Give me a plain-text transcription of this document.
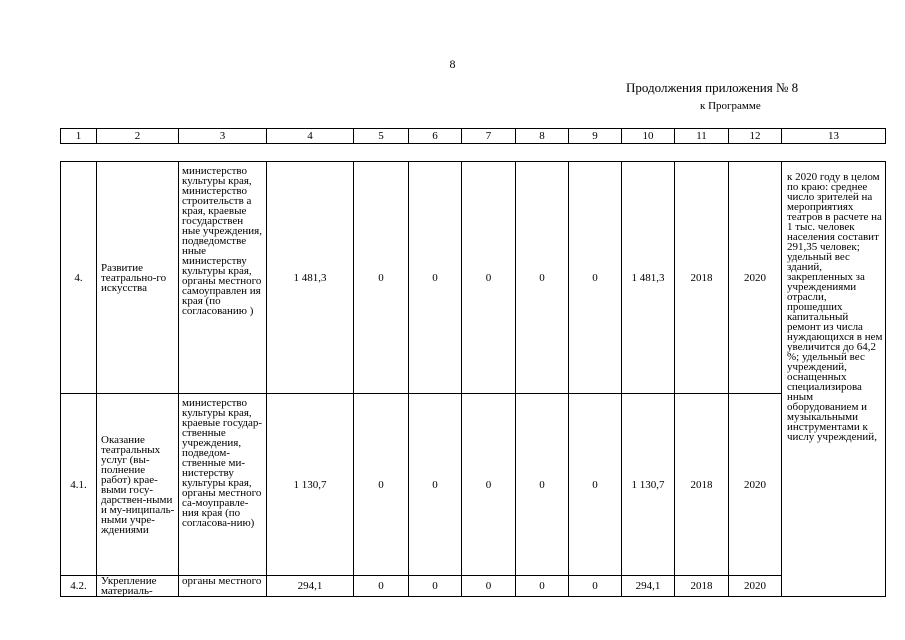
8
Продолжения приложения № 8
к Программе
1	2	3	4	5	6	7	8	9	10	11	12	13
4.	Развитие театрально-го искусства	министерство культуры края, министерство строительств а края, краевые государствен ные учреждения, подведомстве нные министерству культуры края, органы местного самоуправлен ия края (по согласованию )	1 481,3	0	0	0	0	0	1 481,3	2018	2020	к 2020 году в целом по краю: среднее число зрителей на мероприятиях театров в расчете на 1 тыс. человек населения составит 291,35 человек; удельный вес зданий, закрепленных за учреждениями отрасли, прошедших капитальный ремонт из числа нуждающихся в нем увеличится до 64,2 %; удельный вес учреждений, оснащенных специализирова нным оборудованием и музыкальными инструментами к числу учреждений,
4.1.	Оказание театральных услуг (вы-полнение работ) крае-выми госу-дарствен-ными и му-ниципаль-ными учре-ждениями	министерство культуры края, краевые государ-ственные учреждения, подведом-ственные ми-нистерству культуры края, органы местного са-моуправле-ния края (по согласова-нию)	1 130,7	0	0	0	0	0	1 130,7	2018	2020	
4.2.	Укрепление материаль-	органы местного	294,1	0	0	0	0	0	294,1	2018	2020	
